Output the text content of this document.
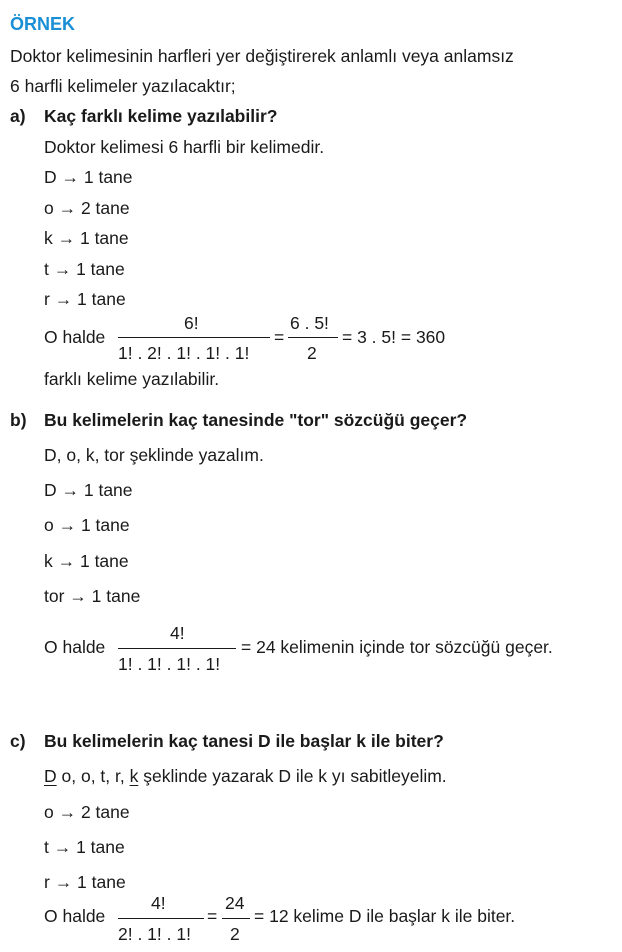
ÖRNEK
Doktor kelimesinin harfleri yer değiştirerek anlamlı veya anlamsız
6 harfli kelimeler yazılacaktır;
a) Kaç farklı kelime yazılabilir?
Doktor kelimesi 6 harfli bir kelimedir.
D → 1 tane
o → 2 tane
k → 1 tane
t → 1 tane
r → 1 tane
O halde
6!
1! . 2! . 1! . 1! . 1!
=
6 . 5!
2
= 3 . 5! = 360
farklı kelime yazılabilir.
b) Bu kelimelerin kaç tanesinde "tor" sözcüğü geçer?
D, o, k, tor şeklinde yazalım.
D → 1 tane
o → 1 tane
k → 1 tane
tor → 1 tane
O halde
4!
1! . 1! . 1! . 1!
= 24 kelimenin içinde tor sözcüğü geçer.
c) Bu kelimelerin kaç tanesi D ile başlar k ile biter?
D o, o, t, r, k şeklinde yazarak D ile k yı sabitleyelim.
o → 2 tane
t → 1 tane
r → 1 tane
O halde
4!
2! . 1! . 1!
=
24
2
= 12 kelime D ile başlar k ile biter.
